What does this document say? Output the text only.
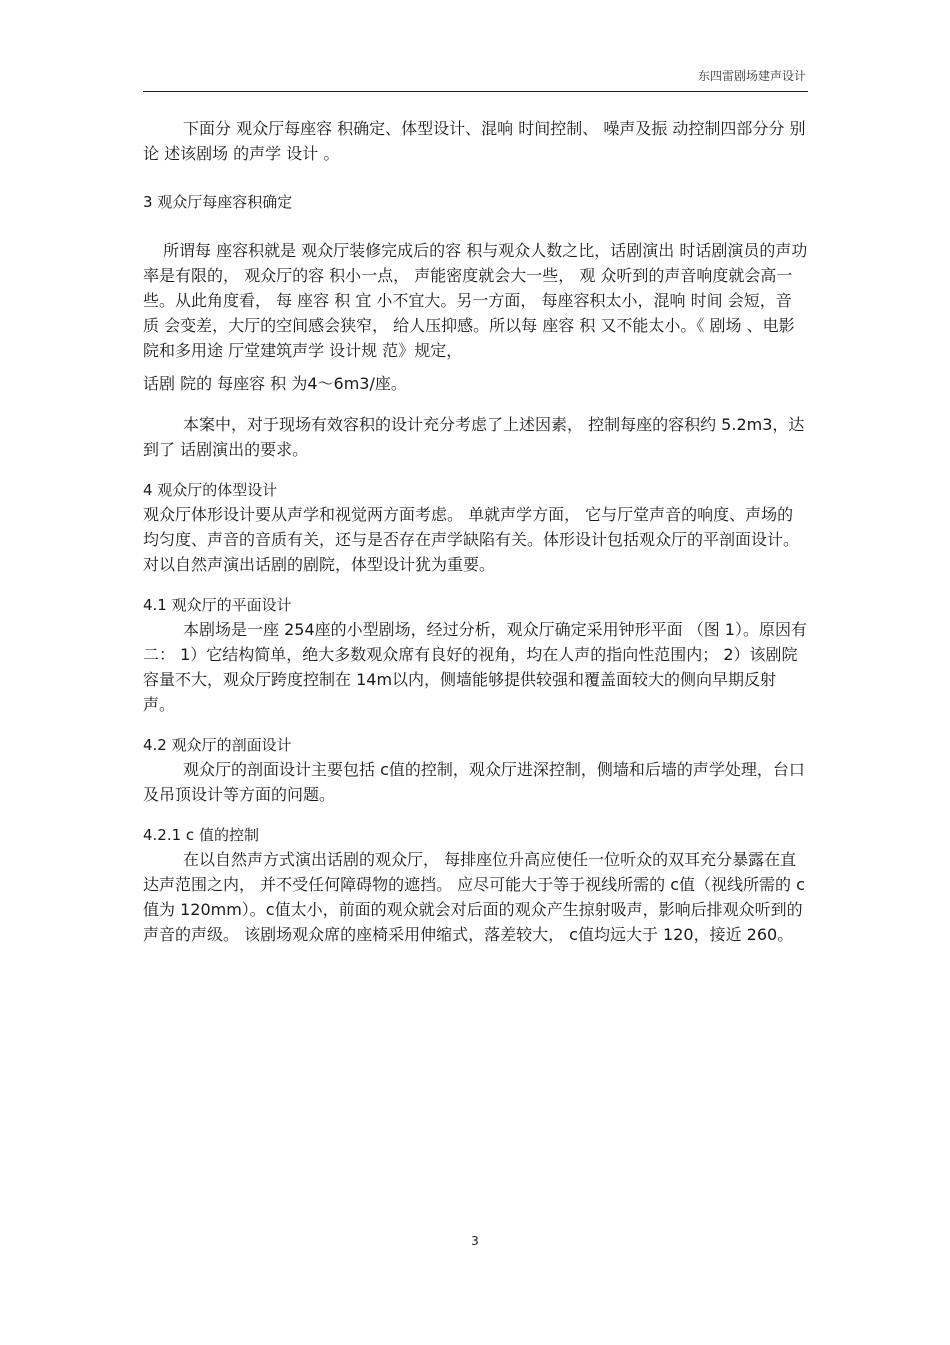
东四雷剧场建声设计

下面分 观众厅每座容 积确定、体型设计、混响 时间控制、 噪声及振 动控制四部分分 别论 述该剧场 的声学 设计 。

3 观众厅每座容积确定

所谓每 座容积就是 观众厅装修完成后的容 积与观众人数之比，话剧演出 时话剧演员的声功率是有限的， 观众厅的容 积小一点， 声能密度就会大一些， 观 众听到的声音响度就会高一些。从此角度看， 每 座容 积 宜 小不宜大。另一方面， 每座容积太小，混响 时间 会短，音 质 会变差，大厅的空间感会狭窄， 给人压抑感。所以每 座容 积 又不能太小。《 剧场 、电影院和多用途 厅堂建筑声学 设计规 范》规定，

话剧 院的 每座容 积 为4～6m3/座。

本案中，对于现场有效容积的设计充分考虑了上述因素， 控制每座的容积约 5.2m3，达到了 话剧演出的要求。

4 观众厅的体型设计

观众厅体形设计要从声学和视觉两方面考虑。 单就声学方面， 它与厅堂声音的响度、声场的均匀度、声音的音质有关，还与是否存在声学缺陷有关。体形设计包括观众厅的平剖面设计。对以自然声演出话剧的剧院，体型设计犹为重要。

4.1 观众厅的平面设计

本剧场是一座 254座的小型剧场，经过分析，观众厅确定采用钟形平面 （图 1）。原因有二： 1）它结构简单，绝大多数观众席有良好的视角，均在人声的指向性范围内； 2）该剧院容量不大，观众厅跨度控制在 14m以内，侧墙能够提供较强和覆盖面较大的侧向早期反射声。

4.2 观众厅的剖面设计

观众厅的剖面设计主要包括 c值的控制，观众厅进深控制，侧墙和后墙的声学处理，台口及吊顶设计等方面的问题。

4.2.1 c 值的控制

在以自然声方式演出话剧的观众厅， 每排座位升高应使任一位听众的双耳充分暴露在直达声范围之内， 并不受任何障碍物的遮挡。 应尽可能大于等于视线所需的 c值（视线所需的 c值为 120mm）。c值太小，前面的观众就会对后面的观众产生掠射吸声，影响后排观众听到的声音的声级。 该剧场观众席的座椅采用伸缩式，落差较大， c值均远大于 120，接近 260。

3
